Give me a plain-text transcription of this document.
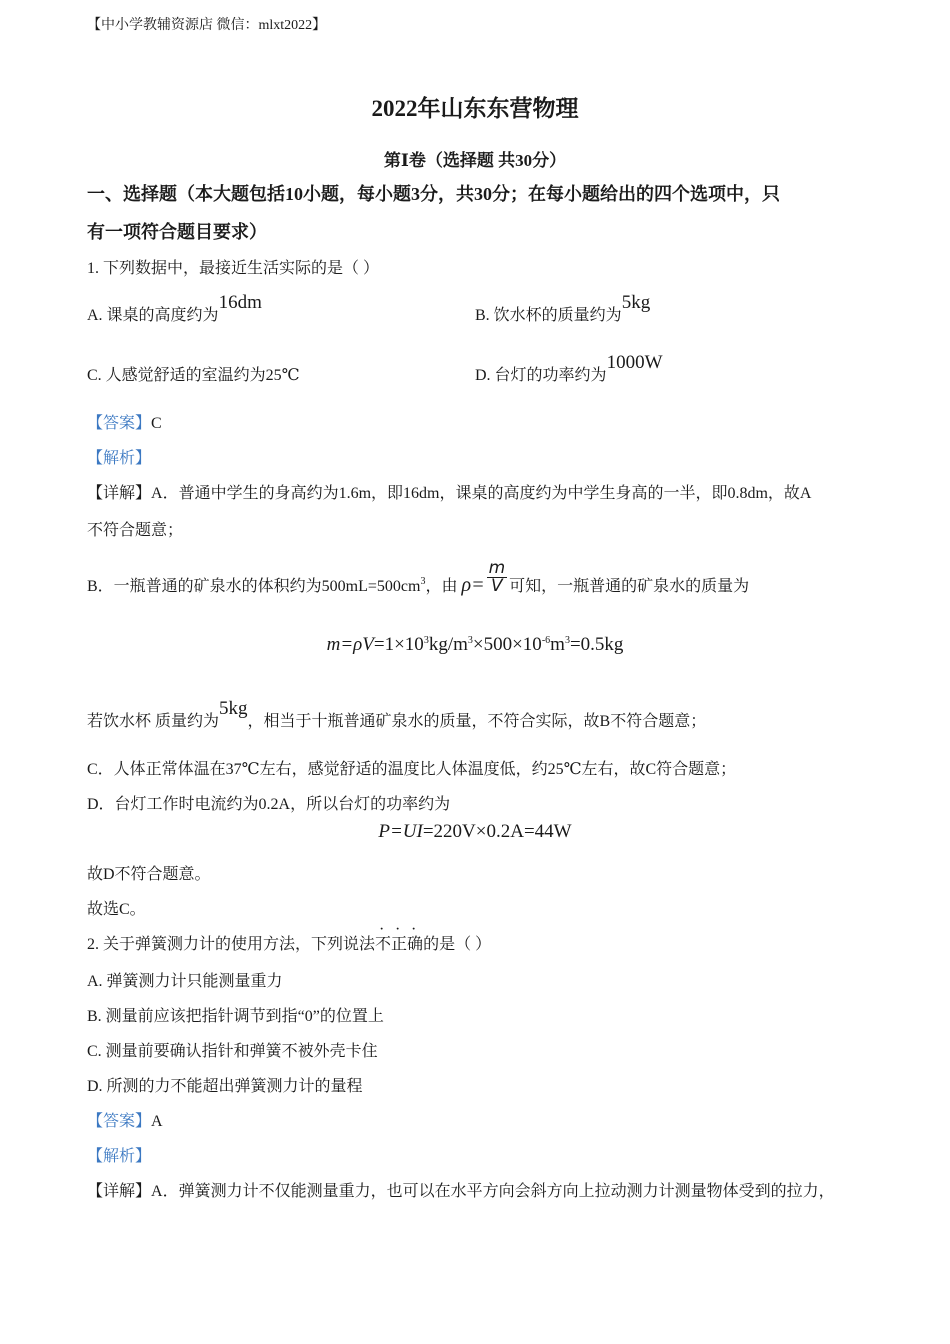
【中小学教辅资源店 微信：mlxt2022】
2022年山东东营物理
第Ⅰ卷（选择题 共30分）
一、选择题（本大题包括10小题，每小题3分，共30分；在每小题给出的四个选项中，只
有一项符合题目要求）
1. 下列数据中，最接近生活实际的是（ ）
A. 课桌的高度约为16dm
B. 饮水杯的质量约为5kg
C. 人感觉舒适的室温约为25℃	D. 台灯的功率约为1000W
【答案】C
【解析】
【详解】A．普通中学生的身高约为1.6m，即16dm，课桌的高度约为中学生身高的一半，即0.8dm，故A
不符合题意；
B．一瓶普通的矿泉水的体积约为$500mL=500cm^3$，由 $\rho= \frac{m}{V}$ 可知，一瓶普通的矿泉水的质量为
$m=\rho V=1\times 10^3kg/m^3\times 500\times 10^{-6}m^3=0.5kg$
若饮水杯 质量约为5kg，相当于十瓶普通矿泉水的质量，不符合实际，故B不符合题意；
C．人体正常体温在37℃左右，感觉舒适的温度比人体温度低，约25℃左右，故C符合题意；
D．台灯工作时电流约为0.2A，所以台灯的功率约为
P=UI=220V×0.2A=44W
故D不符合题意。
故选C。
2. 关于弹簧测力计的使用方法，下列说法不正确的是（ ）
A. 弹簧测力计只能测量重力
B. 测量前应该把指针调节到指“0”的位置上
C. 测量前要确认指针和弹簧不被外壳卡住
D. 所测的力不能超出弹簧测力计的量程
【答案】A
【解析】
【详解】A．弹簧测力计不仅能测量重力，也可以在水平方向会斜方向上拉动测力计测量物体受到的拉力，
